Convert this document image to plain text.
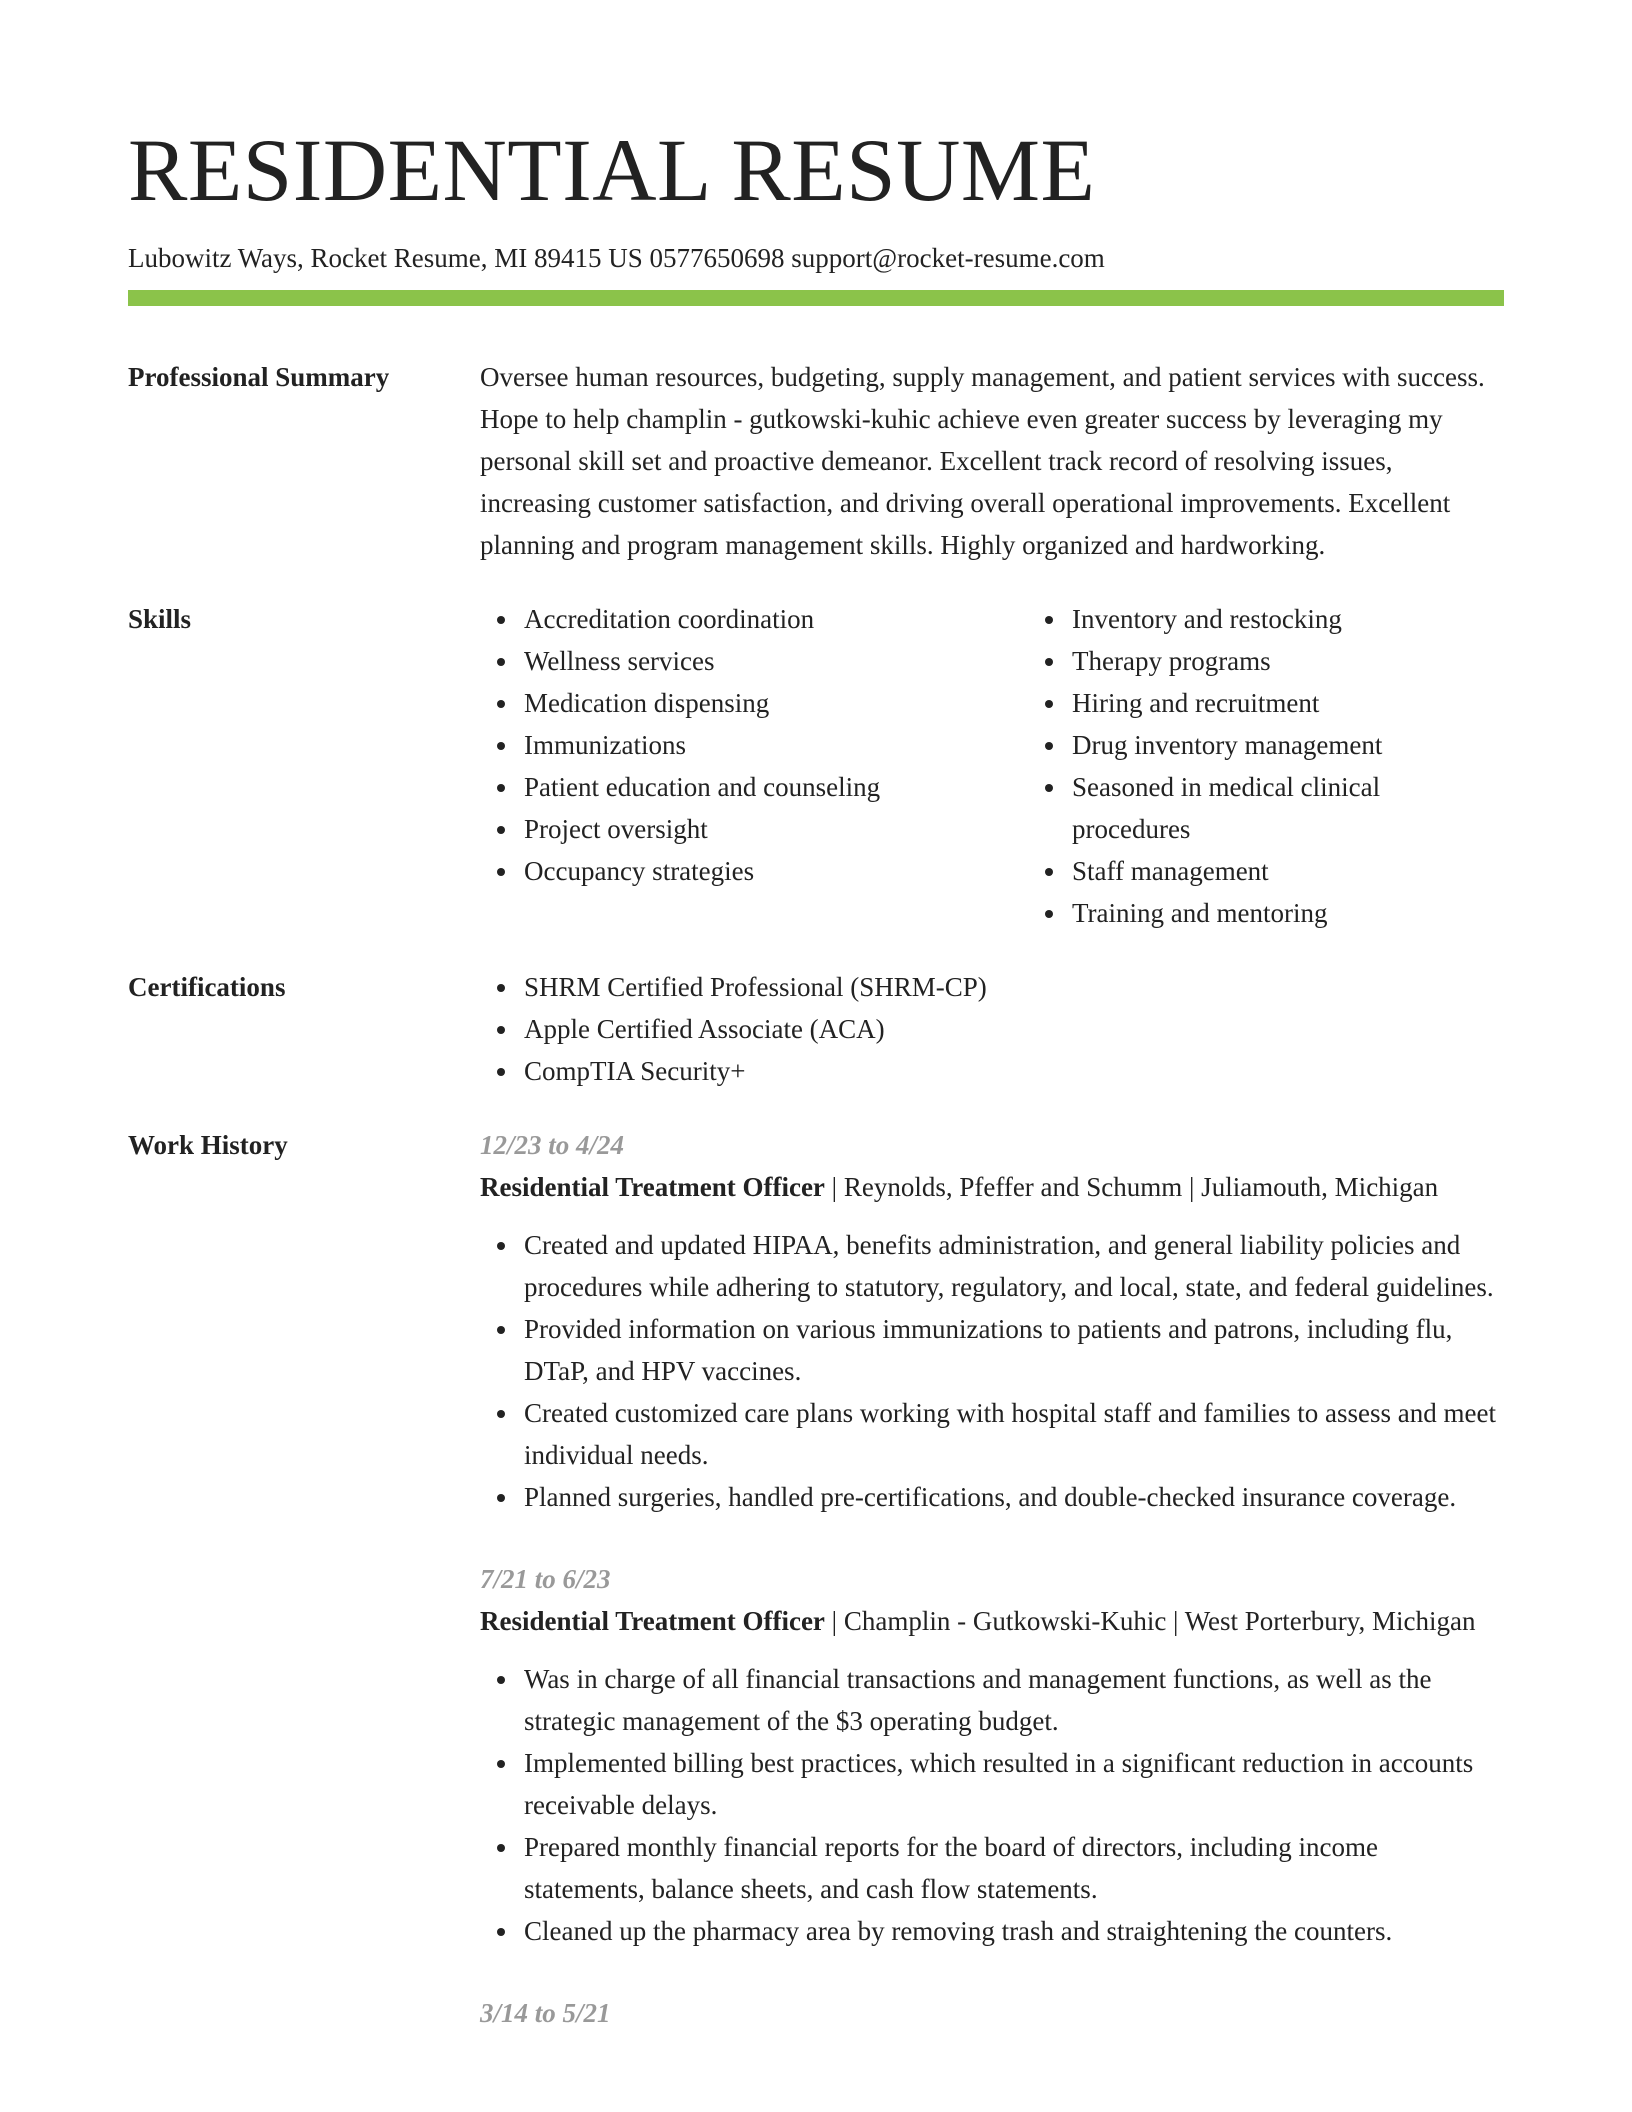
RESIDENTIAL RESUME
Lubowitz Ways, Rocket Resume, MI 89415 US 0577650698 support@rocket-resume.com
Professional Summary	Oversee human resources, budgeting, supply management, and patient services with success. Hope to help champlin - gutkowski-kuhic achieve even greater success by leveraging my personal skill set and proactive demeanor. Excellent track record of resolving issues, increasing customer satisfaction, and driving overall operational improvements. Excellent planning and program management skills. Highly organized and hardworking.
Skills	Accreditation coordination
Wellness services
Medication dispensing
Immunizations
Patient education and counseling
Project oversight
Occupancy strategies
Inventory and restocking
Therapy programs
Hiring and recruitment
Drug inventory management
Seasoned in medical clinical procedures
Staff management
Training and mentoring
Certifications	SHRM Certified Professional (SHRM-CP)
Apple Certified Associate (ACA)
CompTIA Security+
Work History	12/23 to 4/24
Residential Treatment Officer | Reynolds, Pfeffer and Schumm | Juliamouth, Michigan
Created and updated HIPAA, benefits administration, and general liability policies and procedures while adhering to statutory, regulatory, and local, state, and federal guidelines.
Provided information on various immunizations to patients and patrons, including flu, DTaP, and HPV vaccines.
Created customized care plans working with hospital staff and families to assess and meet individual needs.
Planned surgeries, handled pre-certifications, and double-checked insurance coverage.
7/21 to 6/23
Residential Treatment Officer | Champlin - Gutkowski-Kuhic | West Porterbury, Michigan
Was in charge of all financial transactions and management functions, as well as the strategic management of the $3 operating budget.
Implemented billing best practices, which resulted in a significant reduction in accounts receivable delays.
Prepared monthly financial reports for the board of directors, including income statements, balance sheets, and cash flow statements.
Cleaned up the pharmacy area by removing trash and straightening the counters.
3/14 to 5/21
